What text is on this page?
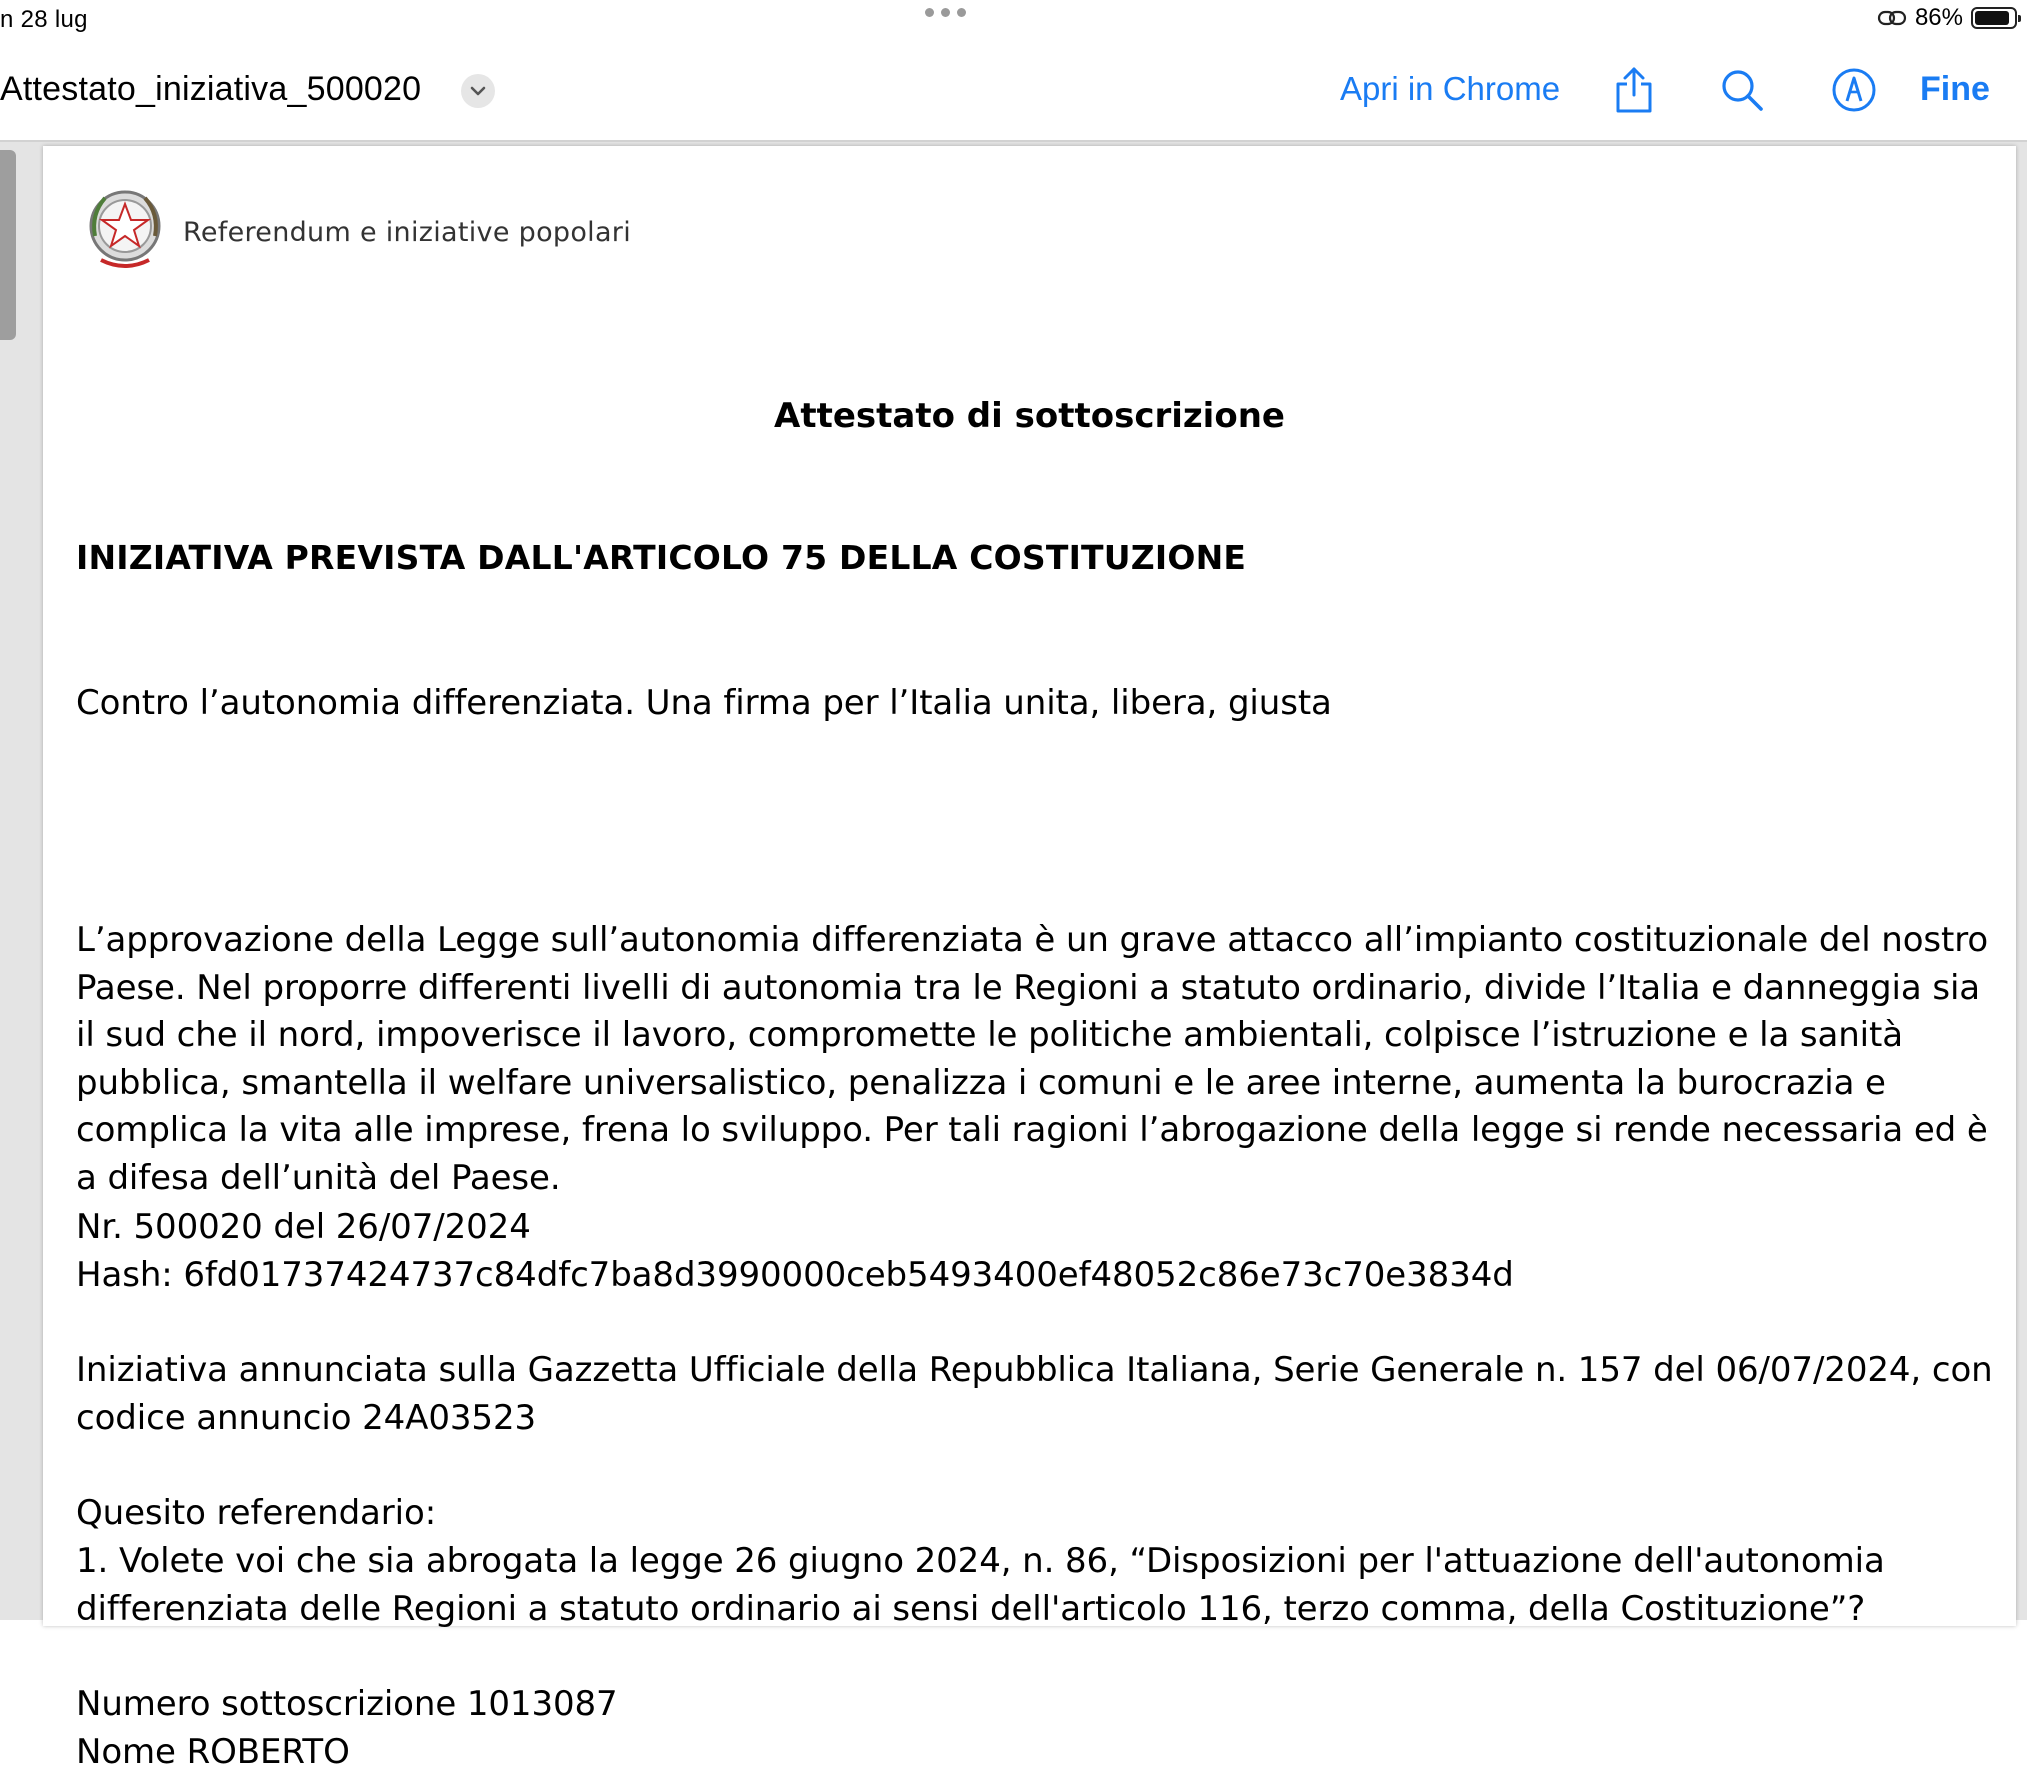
n 28 lug	86%
Attestato_iniziativa_500020	Apri in Chrome	Fine
Referendum e iniziative popolari
Attestato di sottoscrizione
INIZIATIVA PREVISTA DALL'ARTICOLO 75 DELLA COSTITUZIONE
Contro l’autonomia differenziata. Una firma per l’Italia unita, libera, giusta
L’approvazione della Legge sull’autonomia differenziata è un grave attacco all’impianto costituzionale del nostro Paese. Nel proporre differenti livelli di autonomia tra le Regioni a statuto ordinario, divide l’Italia e danneggia sia il sud che il nord, impoverisce il lavoro, compromette le politiche ambientali, colpisce l’istruzione e la sanità pubblica, smantella il welfare universalistico, penalizza i comuni e le aree interne, aumenta la burocrazia e complica la vita alle imprese, frena lo sviluppo. Per tali ragioni l’abrogazione della legge si rende necessaria ed è a difesa dell’unità del Paese.
Nr. 500020 del 26/07/2024
Hash: 6fd01737424737c84dfc7ba8d3990000ceb5493400ef48052c86e73c70e3834d
Iniziativa annunciata sulla Gazzetta Ufficiale della Repubblica Italiana, Serie Generale n. 157 del 06/07/2024, con codice annuncio 24A03523
Quesito referendario:
1. Volete voi che sia abrogata la legge 26 giugno 2024, n. 86, “Disposizioni per l'attuazione dell'autonomia differenziata delle Regioni a statuto ordinario ai sensi dell'articolo 116, terzo comma, della Costituzione”?
Numero sottoscrizione 1013087
Nome ROBERTO
